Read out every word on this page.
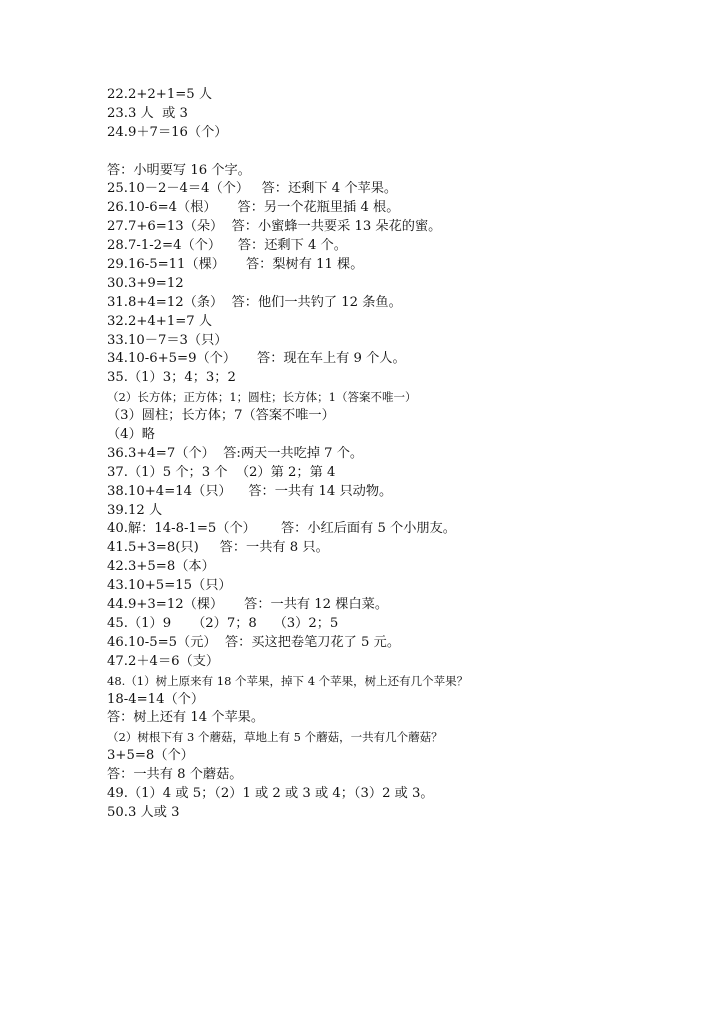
22.2+2+1=5 人
23.3 人  或 3
24.9＋7＝16（个）
答：小明要写 16 个字。
25.10－2－4＝4（个）   答：还剩下 4 个苹果。
26.10-6=4（根）     答：另一个花瓶里插 4 根。
27.7+6=13（朵）  答：小蜜蜂一共要采 13 朵花的蜜。
28.7-1-2=4（个）    答：还剩下 4 个。
29.16-5=11（棵）     答：梨树有 11 棵。
30.3+9=12
31.8+4=12（条）  答：他们一共钓了 12 条鱼。
32.2+4+1=7 人
33.10－7＝3（只）
34.10-6+5=9（个）     答：现在车上有 9 个人。
35.（1）3；4；3；2
（2）长方体；正方体；1；圆柱；长方体；1（答案不唯一）
（3）圆柱；长方体；7（答案不唯一）
（4）略
36.3+4=7（个）  答:两天一共吃掉 7 个。
37.（1）5 个；3 个  （2）第 2；第 4
38.10+4=14（只）    答：一共有 14 只动物。
39.12 人
40.解：14-8-1=5（个）      答：小红后面有 5 个小朋友。
41.5+3=8(只)     答：一共有 8 只。
42.3+5=8（本）
43.10+5=15（只）
44.9+3=12（棵）     答：一共有 12 棵白菜。
45.（1）9     （2）7；8    （3）2；5
46.10-5=5（元）  答：买这把卷笔刀花了 5 元。
47.2＋4＝6（支）
48.（1）树上原来有 18 个苹果，掉下 4 个苹果，树上还有几个苹果？
18-4=14（个）
答：树上还有 14 个苹果。
（2）树根下有 3 个蘑菇，草地上有 5 个蘑菇，一共有几个蘑菇？
3+5=8（个）
答：一共有 8 个蘑菇。
49.（1）4 或 5；（2）1 或 2 或 3 或 4；（3）2 或 3。
50.3 人或 3
